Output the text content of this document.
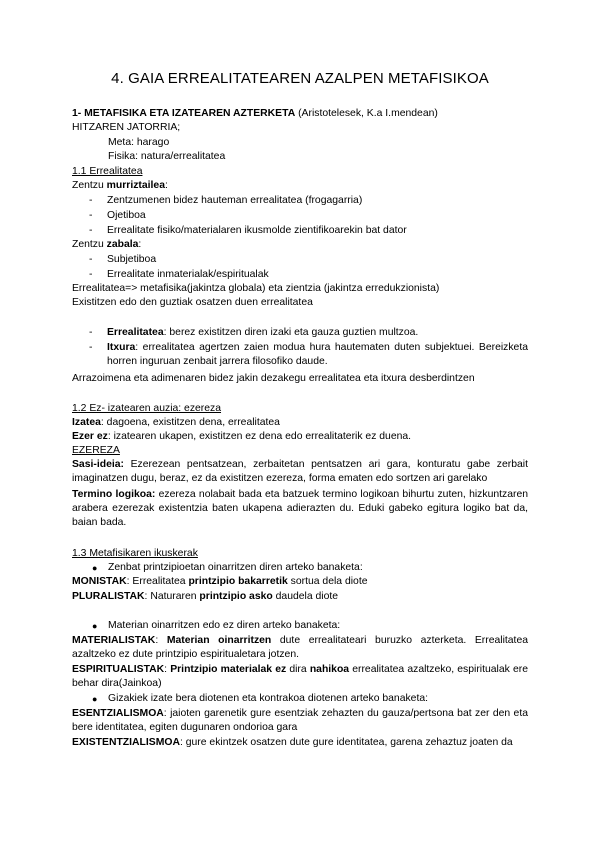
4. GAIA ERREALITATEAREN AZALPEN METAFISIKOA
1- METAFISIKA ETA IZATEAREN AZTERKETA (Aristotelesek, K.a I.mendean)
HITZAREN JATORRIA;
Meta: harago
Fisika: natura/errealitatea
1.1 Errealitatea
Zentzu murriztailea:
-	Zentzumenen bidez hauteman errealitatea (frogagarria)
-	Ojetiboa
-	Errealitate fisiko/materialaren ikusmolde zientifikoarekin bat dator
Zentzu zabala:
-	Subjetiboa
-	Errealitate inmaterialak/espiritualak
Errealitatea=> metafisika(jakintza globala) eta zientzia (jakintza erredukzionista)
Existitzen edo den guztiak osatzen duen errealitatea
-	Errealitatea: berez existitzen diren izaki eta gauza guztien multzoa.
-	Itxura: errealitatea agertzen zaien modua hura hautematen duten subjektuei. Bereizketa horren inguruan zenbait jarrera filosofiko daude.
Arrazoimena eta adimenaren bidez jakin dezakegu errealitatea eta itxura desberdintzen
1.2 Ez- izatearen auzia: ezereza
Izatea: dagoena, existitzen dena, errealitatea
Ezer ez: izatearen ukapen, existitzen ez dena edo errealitaterik ez duena.
EZEREZA
Sasi-ideia: Ezerezean pentsatzean, zerbaitetan pentsatzen ari gara, konturatu gabe zerbait imaginatzen dugu, beraz, ez da existitzen ezereza, forma ematen edo sortzen ari garelako
Termino logikoa: ezereza nolabait bada eta batzuek termino logikoan bihurtu zuten, hizkuntzaren arabera ezerezak existentzia baten ukapena adierazten du. Eduki gabeko egitura logiko bat da, baian bada.
1.3 Metafisikaren ikuskerak
● Zenbat printzipioetan oinarritzen diren arteko banaketa:
MONISTAK: Errealitatea printzipio bakarretik sortua dela diote
PLURALISTAK: Naturaren printzipio asko daudela diote
● Materian oinarritzen edo ez diren arteko banaketa:
MATERIALISTAK: Materian oinarritzen dute errealitateari buruzko azterketa. Errealitatea azaltzeko ez dute printzipio espiritualetara jotzen.
ESPIRITUALISTAK: Printzipio materialak ez dira nahikoa errealitatea azaltzeko, espiritualak ere behar dira(Jainkoa)
● Gizakiek izate bera diotenen eta kontrakoa diotenen arteko banaketa:
ESENTZIALISMOA: jaioten garenetik gure esentziak zehazten du gauza/pertsona bat zer den eta bere identitatea, egiten dugunaren ondorioa gara
EXISTENTZIALISMOA: gure ekintzek osatzen dute gure identitatea, garena zehaztuz joaten da
